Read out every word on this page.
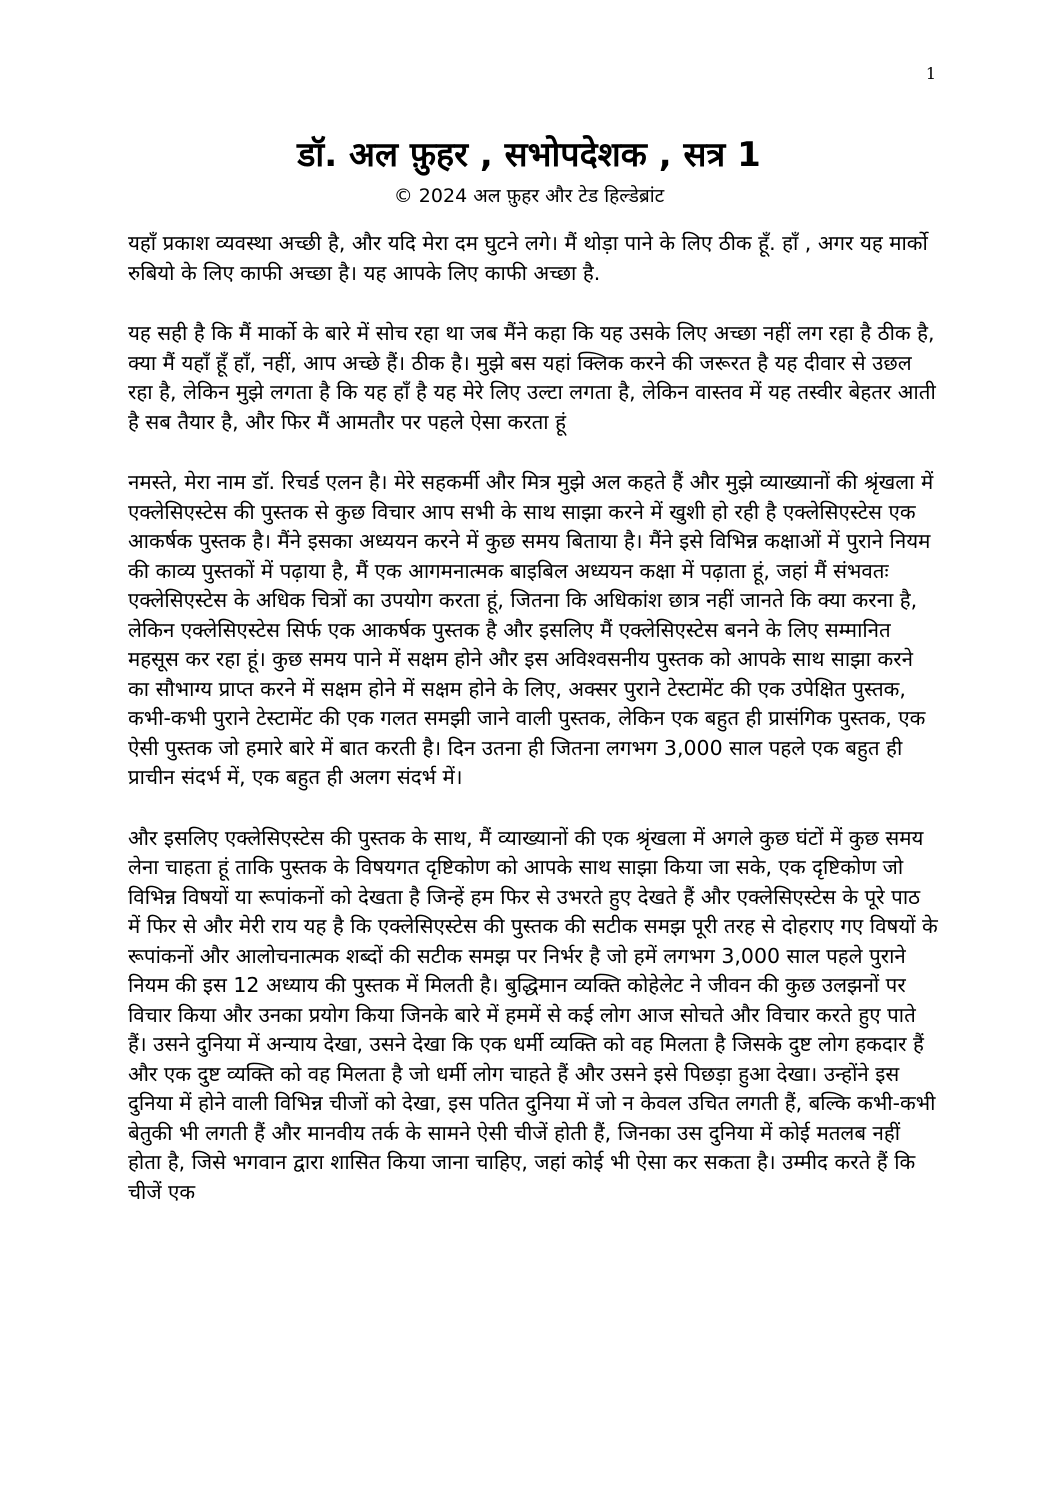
1
डॉ. अल फ़ुहर , सभोपदेशक , सत्र 1

© 2024 अल फ़ुहर और टेड हिल्डेब्रांट

यहाँ प्रकाश व्यवस्था अच्छी है, और यदि मेरा दम घुटने लगे। मैं थोड़ा पाने के लिए ठीक हूँ. हाँ , अगर यह मार्को रुबियो के लिए काफी अच्छा है। यह आपके लिए काफी अच्छा है.

यह सही है कि मैं मार्को के बारे में सोच रहा था जब मैंने कहा कि यह उसके लिए अच्छा नहीं लग रहा है ठीक है, क्या मैं यहाँ हूँ हाँ, नहीं, आप अच्छे हैं। ठीक है। मुझे बस यहां क्लिक करने की जरूरत है यह दीवार से उछल रहा है, लेकिन मुझे लगता है कि यह हाँ है यह मेरे लिए उल्टा लगता है, लेकिन वास्तव में यह तस्वीर बेहतर आती है सब तैयार है, और फिर मैं आमतौर पर पहले ऐसा करता हूं

नमस्ते, मेरा नाम डॉ. रिचर्ड एलन है। मेरे सहकर्मी और मित्र मुझे अल कहते हैं और मुझे व्याख्यानों की श्रृंखला में एक्लेसिएस्टेस की पुस्तक से कुछ विचार आप सभी के साथ साझा करने में खुशी हो रही है एक्लेसिएस्टेस एक आकर्षक पुस्तक है। मैंने इसका अध्ययन करने में कुछ समय बिताया है। मैंने इसे विभिन्न कक्षाओं में पुराने नियम की काव्य पुस्तकों में पढ़ाया है, मैं एक आगमनात्मक बाइबिल अध्ययन कक्षा में पढ़ाता हूं, जहां मैं संभवतः एक्लेसिएस्टेस के अधिक चित्रों का उपयोग करता हूं, जितना कि अधिकांश छात्र नहीं जानते कि क्या करना है, लेकिन एक्लेसिएस्टेस सिर्फ एक आकर्षक पुस्तक है और इसलिए मैं एक्लेसिएस्टेस बनने के लिए सम्मानित महसूस कर रहा हूं। कुछ समय पाने में सक्षम होने और इस अविश्वसनीय पुस्तक को आपके साथ साझा करने का सौभाग्य प्राप्त करने में सक्षम होने में सक्षम होने के लिए, अक्सर पुराने टेस्टामेंट की एक उपेक्षित पुस्तक, कभी-कभी पुराने टेस्टामेंट की एक गलत समझी जाने वाली पुस्तक, लेकिन एक बहुत ही प्रासंगिक पुस्तक, एक ऐसी पुस्तक जो हमारे बारे में बात करती है। दिन उतना ही जितना लगभग 3,000 साल पहले एक बहुत ही प्राचीन संदर्भ में, एक बहुत ही अलग संदर्भ में।

और इसलिए एक्लेसिएस्टेस की पुस्तक के साथ, मैं व्याख्यानों की एक श्रृंखला में अगले कुछ घंटों में कुछ समय लेना चाहता हूं ताकि पुस्तक के विषयगत दृष्टिकोण को आपके साथ साझा किया जा सके, एक दृष्टिकोण जो विभिन्न विषयों या रूपांकनों को देखता है जिन्हें हम फिर से उभरते हुए देखते हैं और एक्लेसिएस्टेस के पूरे पाठ में फिर से और मेरी राय यह है कि एक्लेसिएस्टेस की पुस्तक की सटीक समझ पूरी तरह से दोहराए गए विषयों के रूपांकनों और आलोचनात्मक शब्दों की सटीक समझ पर निर्भर है जो हमें लगभग 3,000 साल पहले पुराने नियम की इस 12 अध्याय की पुस्तक में मिलती है। बुद्धिमान व्यक्ति कोहेलेट ने जीवन की कुछ उलझनों पर विचार किया और उनका प्रयोग किया जिनके बारे में हममें से कई लोग आज सोचते और विचार करते हुए पाते हैं। उसने दुनिया में अन्याय देखा, उसने देखा कि एक धर्मी व्यक्ति को वह मिलता है जिसके दुष्ट लोग हकदार हैं और एक दुष्ट व्यक्ति को वह मिलता है जो धर्मी लोग चाहते हैं और उसने इसे पिछड़ा हुआ देखा। उन्होंने इस दुनिया में होने वाली विभिन्न चीजों को देखा, इस पतित दुनिया में जो न केवल उचित लगती हैं, बल्कि कभी-कभी बेतुकी भी लगती हैं और मानवीय तर्क के सामने ऐसी चीजें होती हैं, जिनका उस दुनिया में कोई मतलब नहीं होता है, जिसे भगवान द्वारा शासित किया जाना चाहिए, जहां कोई भी ऐसा कर सकता है। उम्मीद करते हैं कि चीजें एक
